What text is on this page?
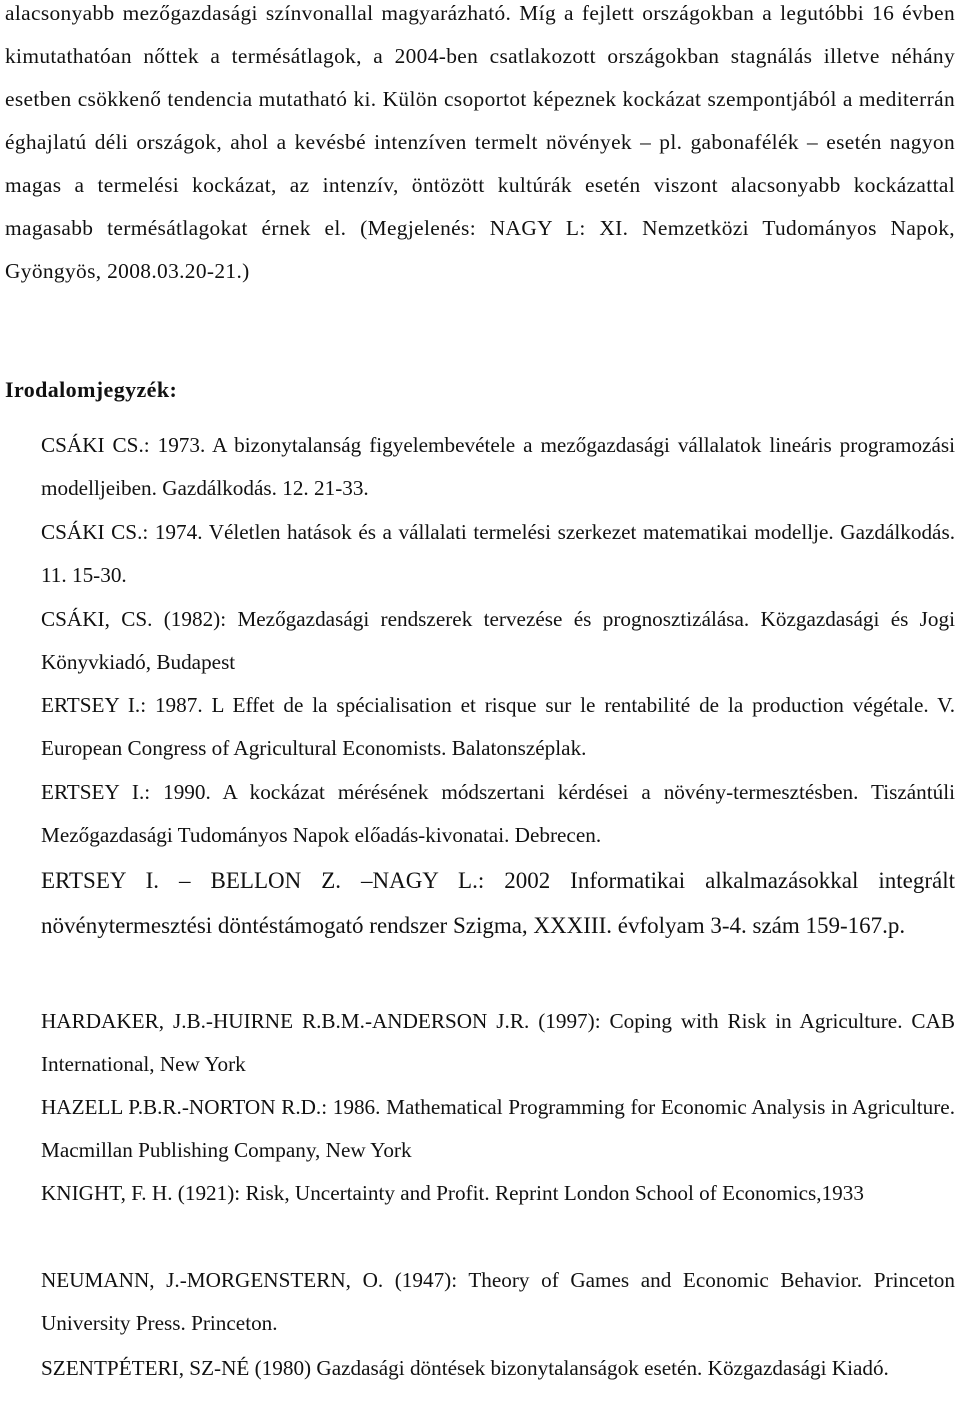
alacsonyabb mezőgazdasági színvonallal magyarázható. Míg a fejlett országokban a legutóbbi 16 évben kimutathatóan nőttek a termésátlagok, a 2004-ben csatlakozott országokban stagnálás illetve néhány esetben csökkenő tendencia mutatható ki. Külön csoportot képeznek kockázat szempontjából a mediterrán éghajlatú déli országok, ahol a kevésbé intenzíven termelt növények – pl. gabonafélék – esetén nagyon magas a termelési kockázat, az intenzív, öntözött kultúrák esetén viszont alacsonyabb kockázattal magasabb termésátlagokat érnek el. (Megjelenés: NAGY L: XI. Nemzetközi Tudományos Napok, Gyöngyös, 2008.03.20-21.)

Irodalomjegyzék:

CSÁKI CS.: 1973. A bizonytalanság figyelembevétele a mezőgazdasági vállalatok lineáris programozási modelljeiben. Gazdálkodás. 12. 21-33.

CSÁKI CS.: 1974. Véletlen hatások és a vállalati termelési szerkezet matematikai modellje. Gazdálkodás. 11. 15-30.

CSÁKI, CS. (1982): Mezőgazdasági rendszerek tervezése és prognosztizálása. Közgazdasági és Jogi Könyvkiadó, Budapest

ERTSEY I.: 1987. L Effet de la spécialisation et risque sur le rentabilité de la production végétale. V. European Congress of Agricultural Economists. Balatonszéplak.

ERTSEY I.: 1990. A kockázat mérésének módszertani kérdései a növény-termesztésben. Tiszántúli Mezőgazdasági Tudományos Napok előadás-kivonatai. Debrecen.

ERTSEY I. – BELLON Z. –NAGY L.: 2002 Informatikai alkalmazásokkal integrált növénytermesztési döntéstámogató rendszer Szigma, XXXIII. évfolyam 3-4. szám 159-167.p.

HARDAKER, J.B.-HUIRNE R.B.M.-ANDERSON J.R. (1997): Coping with Risk in Agriculture. CAB International, New York

HAZELL P.B.R.-NORTON R.D.: 1986. Mathematical Programming for Economic Analysis in Agriculture. Macmillan Publishing Company, New York

KNIGHT, F. H. (1921): Risk, Uncertainty and Profit. Reprint London School of Economics,1933

NEUMANN, J.-MORGENSTERN, O. (1947): Theory of Games and Economic Behavior. Princeton University Press. Princeton.

SZENTPÉTERI, SZ-NÉ (1980) Gazdasági döntések bizonytalanságok esetén. Közgazdasági Kiadó.
